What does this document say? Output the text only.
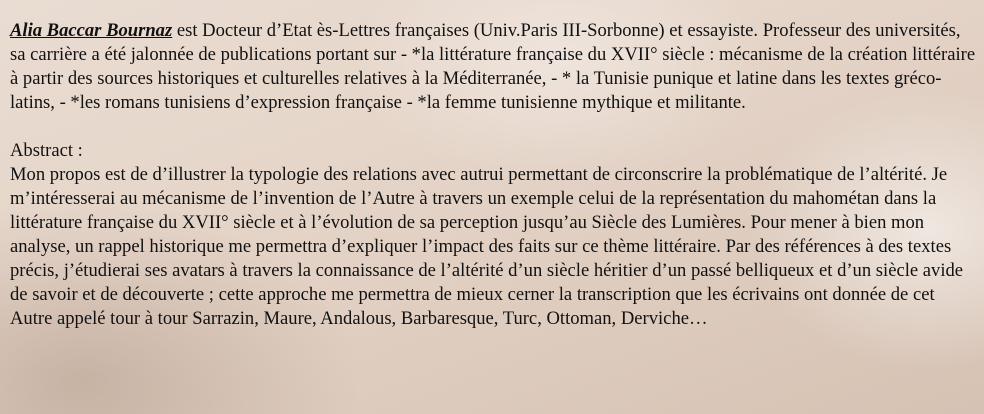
Alia Baccar Bournaz est Docteur d’Etat ès-Lettres françaises (Univ.Paris III-Sorbonne) et essayiste. Professeur des universités, sa carrière a été jalonnée de publications portant sur - *la littérature française du XVII° siècle : mécanisme de la création littéraire à partir des sources historiques et culturelles relatives à la Méditerranée, - * la Tunisie punique et latine dans les textes gréco-latins, - *les romans tunisiens d’expression française - *la femme tunisienne mythique et militante.

Abstract :

Mon propos est de d’illustrer la typologie des relations avec autrui permettant de circonscrire la problématique de l’altérité. Je m’intéresserai au mécanisme de l’invention de l’Autre à travers un exemple celui de la représentation du mahométan dans la littérature française du XVII° siècle et à l’évolution de sa perception jusqu’au Siècle des Lumières. Pour mener à bien mon analyse, un rappel historique me permettra d’expliquer l’impact des faits sur ce thème littéraire. Par des références à des textes précis, j’étudierai ses avatars à travers la connaissance de l’altérité d’un siècle héritier d’un passé belliqueux et d’un siècle avide de savoir et de découverte ; cette approche me permettra de mieux cerner la transcription que les écrivains ont donnée de cet Autre appelé tour à tour Sarrazin, Maure, Andalous, Barbaresque, Turc, Ottoman, Derviche…
